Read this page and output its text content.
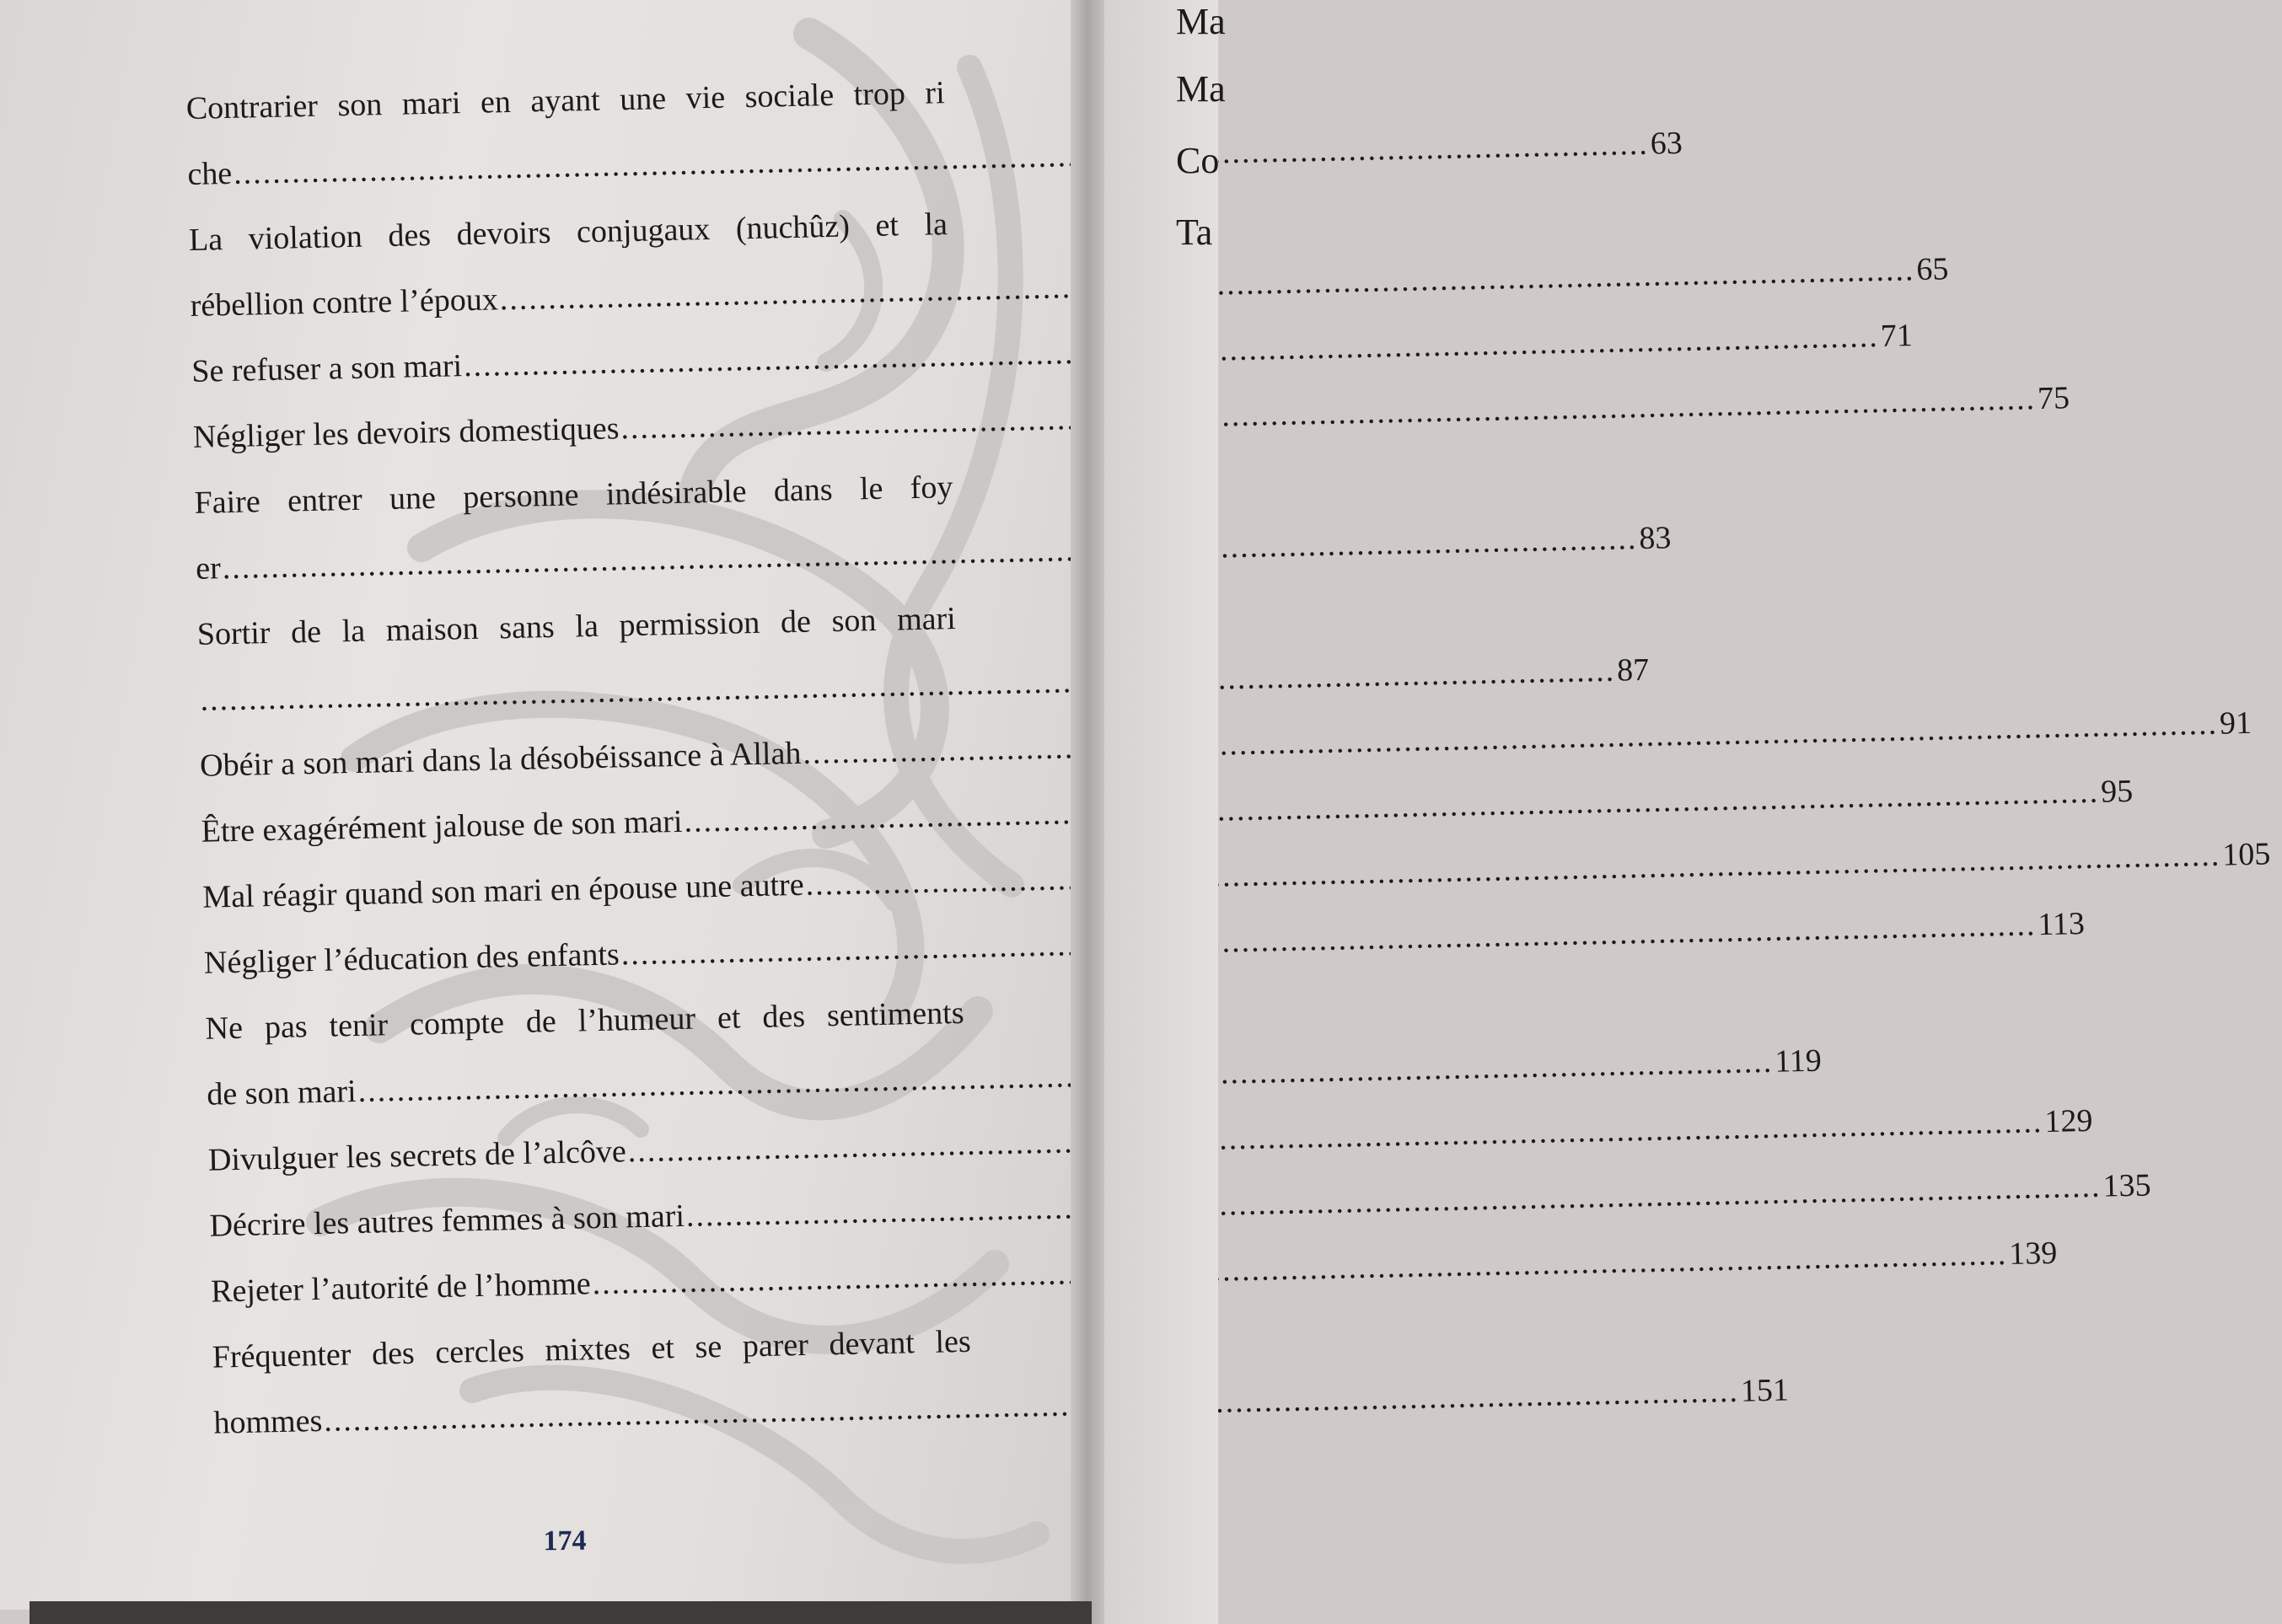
Contrarier son mari en ayant une vie sociale trop ri
che
.....
63
La violation des devoirs conjugaux (nuchûz) et la
rébellion contre l’époux
.....
65
Se refuser a son mari
.....
71
Négliger les devoirs domestiques
.....
75
Faire entrer une personne indésirable dans le foy
er
.....
83
Sortir de la maison sans la permission de son mari
.....
87
Obéir a son mari dans la désobéissance à Allah
.....
91
Être exagérément jalouse de son mari
.....
95
Mal réagir quand son mari en épouse une autre
.....
105
Négliger l’éducation des enfants
.....
113
Ne pas tenir compte de l’humeur et des sentiments
de son mari
.....
119
Divulguer les secrets de l’alcôve
.....
129
Décrire les autres femmes à son mari
.....
135
Rejeter l’autorité de l’homme
.....
139
Fréquenter des cercles mixtes et se parer devant les
hommes
.....
151
174
Ma
Ma
Co
Ta
